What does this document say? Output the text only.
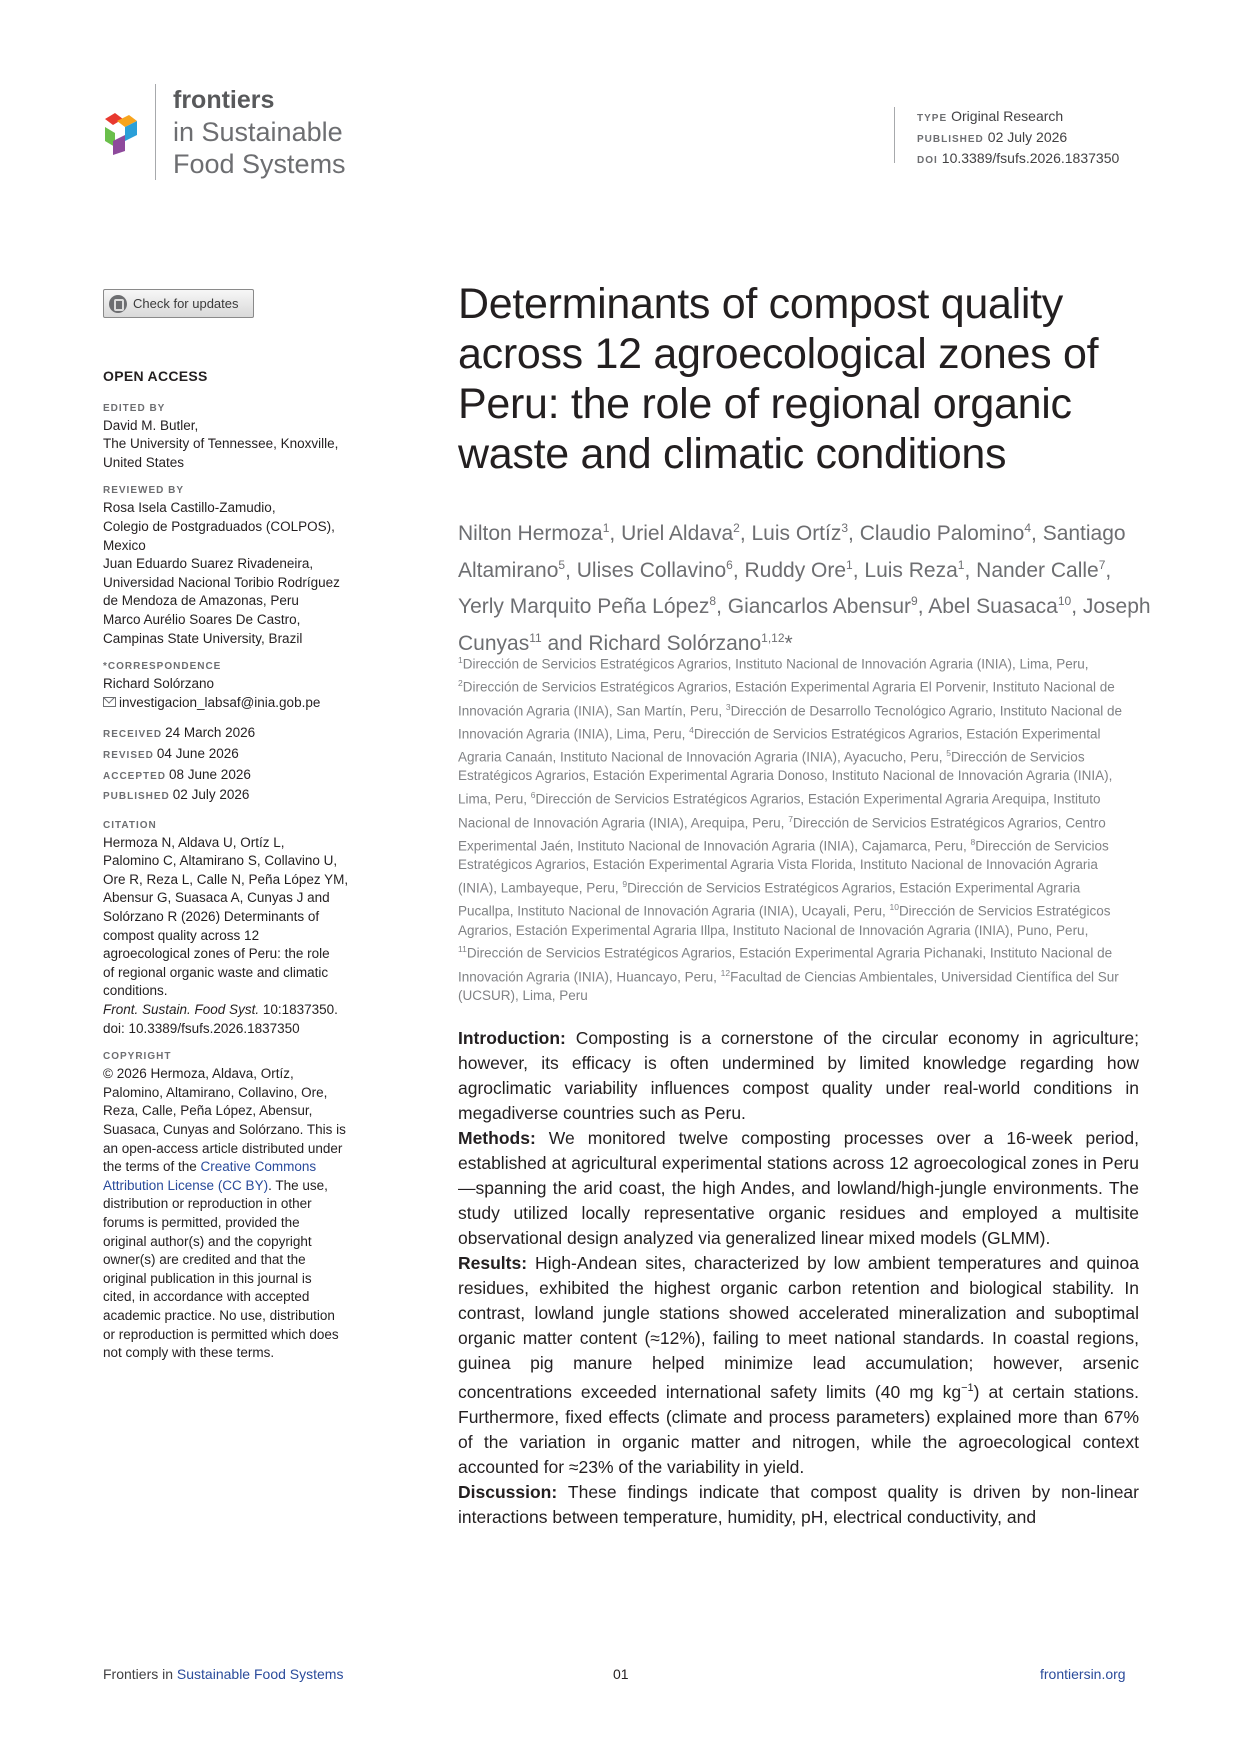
frontiers
in Sustainable
Food Systems
TYPE Original Research
PUBLISHED 02 July 2026
DOI 10.3389/fsufs.2026.1837350
Check for updates
OPEN ACCESS
EDITED BY
David M. Butler,
The University of Tennessee, Knoxville,
United States
REVIEWED BY
Rosa Isela Castillo-Zamudio,
Colegio de Postgraduados (COLPOS),
Mexico
Juan Eduardo Suarez Rivadeneira,
Universidad Nacional Toribio Rodríguez
de Mendoza de Amazonas, Peru
Marco Aurélio Soares De Castro,
Campinas State University, Brazil
*CORRESPONDENCE
Richard Solórzano
investigacion_labsaf@inia.gob.pe
RECEIVED 24 March 2026
REVISED 04 June 2026
ACCEPTED 08 June 2026
PUBLISHED 02 July 2026
CITATION
Hermoza N, Aldava U, Ortíz L,
Palomino C, Altamirano S, Collavino U,
Ore R, Reza L, Calle N, Peña López YM,
Abensur G, Suasaca A, Cunyas J and
Solórzano R (2026) Determinants of
compost quality across 12
agroecological zones of Peru: the role
of regional organic waste and climatic
conditions.
Front. Sustain. Food Syst. 10:1837350.
doi: 10.3389/fsufs.2026.1837350
COPYRIGHT
© 2026 Hermoza, Aldava, Ortíz,
Palomino, Altamirano, Collavino, Ore,
Reza, Calle, Peña López, Abensur,
Suasaca, Cunyas and Solórzano. This is
an open-access article distributed under
the terms of the Creative Commons
Attribution License (CC BY). The use,
distribution or reproduction in other
forums is permitted, provided the
original author(s) and the copyright
owner(s) are credited and that the
original publication in this journal is
cited, in accordance with accepted
academic practice. No use, distribution
or reproduction is permitted which does
not comply with these terms.
Determinants of compost quality
across 12 agroecological zones of
Peru: the role of regional organic
waste and climatic conditions
Nilton Hermoza$^1$, Uriel Aldava$^2$, Luis Ortíz$^3$, Claudio Palomino$^4$, Santiago Altamirano$^5$, Ulises Collavino$^6$, Ruddy Ore$^1$, Luis Reza$^1$, Nander Calle$^7$, Yerly Marquito Peña López$^8$, Giancarlos Abensur$^9$, Abel Suasaca$^{10}$, Joseph Cunyas$^{11}$ and Richard Solórzano$^{1,12}$*
$^1$Dirección de Servicios Estratégicos Agrarios, Instituto Nacional de Innovación Agraria (INIA), Lima, Peru, $^2$Dirección de Servicios Estratégicos Agrarios, Estación Experimental Agraria El Porvenir, Instituto Nacional de Innovación Agraria (INIA), San Martín, Peru, $^3$Dirección de Desarrollo Tecnológico Agrario, Instituto Nacional de Innovación Agraria (INIA), Lima, Peru, $^4$Dirección de Servicios Estratégicos Agrarios, Estación Experimental Agraria Canaán, Instituto Nacional de Innovación Agraria (INIA), Ayacucho, Peru, $^5$Dirección de Servicios Estratégicos Agrarios, Estación Experimental Agraria Donoso, Instituto Nacional de Innovación Agraria (INIA), Lima, Peru, $^6$Dirección de Servicios Estratégicos Agrarios, Estación Experimental Agraria Arequipa, Instituto Nacional de Innovación Agraria (INIA), Arequipa, Peru, $^7$Dirección de Servicios Estratégicos Agrarios, Centro Experimental Jaén, Instituto Nacional de Innovación Agraria (INIA), Cajamarca, Peru, $^8$Dirección de Servicios Estratégicos Agrarios, Estación Experimental Agraria Vista Florida, Instituto Nacional de Innovación Agraria (INIA), Lambayeque, Peru, $^9$Dirección de Servicios Estratégicos Agrarios, Estación Experimental Agraria Pucallpa, Instituto Nacional de Innovación Agraria (INIA), Ucayali, Peru, $^{10}$Dirección de Servicios Estratégicos Agrarios, Estación Experimental Agraria Illpa, Instituto Nacional de Innovación Agraria (INIA), Puno, Peru, $^{11}$Dirección de Servicios Estratégicos Agrarios, Estación Experimental Agraria Pichanaki, Instituto Nacional de Innovación Agraria (INIA), Huancayo, Peru, $^{12}$Facultad de Ciencias Ambientales, Universidad Científica del Sur (UCSUR), Lima, Peru

Introduction: Composting is a cornerstone of the circular economy in agriculture; however, its efficacy is often undermined by limited knowledge regarding how agroclimatic variability influences compost quality under real-world conditions in megadiverse countries such as Peru.

Methods: We monitored twelve composting processes over a 16-week period, established at agricultural experimental stations across 12 agroecological zones in Peru—spanning the arid coast, the high Andes, and lowland/high-jungle environments. The study utilized locally representative organic residues and employed a multisite observational design analyzed via generalized linear mixed models (GLMM).

Results: High-Andean sites, characterized by low ambient temperatures and quinoa residues, exhibited the highest organic carbon retention and biological stability. In contrast, lowland jungle stations showed accelerated mineralization and suboptimal organic matter content (≈12%), failing to meet national standards. In coastal regions, guinea pig manure helped minimize lead accumulation; however, arsenic concentrations exceeded international safety limits (40 mg $kg^{-1}$) at certain stations. Furthermore, fixed effects (climate and process parameters) explained more than 67% of the variation in organic matter and nitrogen, while the agroecological context accounted for ≈23% of the variability in yield.

Discussion: These findings indicate that compost quality is driven by non-linear interactions between temperature, humidity, pH, electrical conductivity, and

Frontiers in Sustainable Food Systems	01	frontiersin.org
